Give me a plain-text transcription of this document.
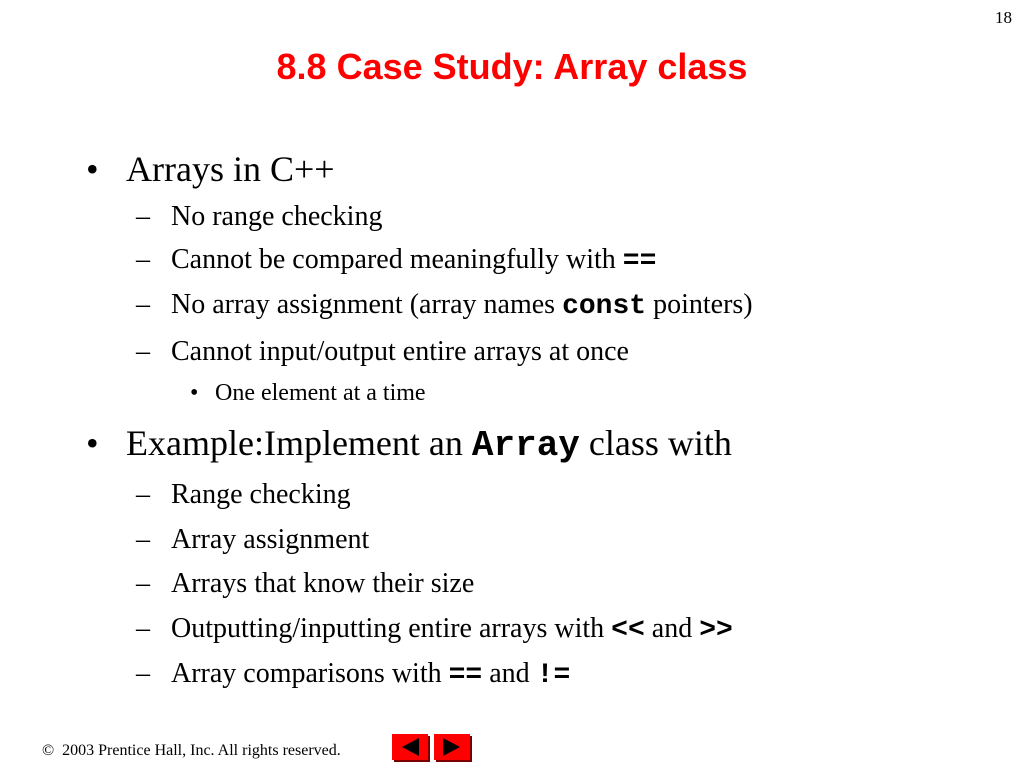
18
8.8 Case Study: Array class
• Arrays in C++
– No range checking
– Cannot be compared meaningfully with ==
– No array assignment (array names const pointers)
– Cannot input/output entire arrays at once
• One element at a time
• Example:Implement an Array class with
– Range checking
– Array assignment
– Arrays that know their size
– Outputting/inputting entire arrays with << and >>
– Array comparisons with == and !=
© 2003 Prentice Hall, Inc. All rights reserved.
